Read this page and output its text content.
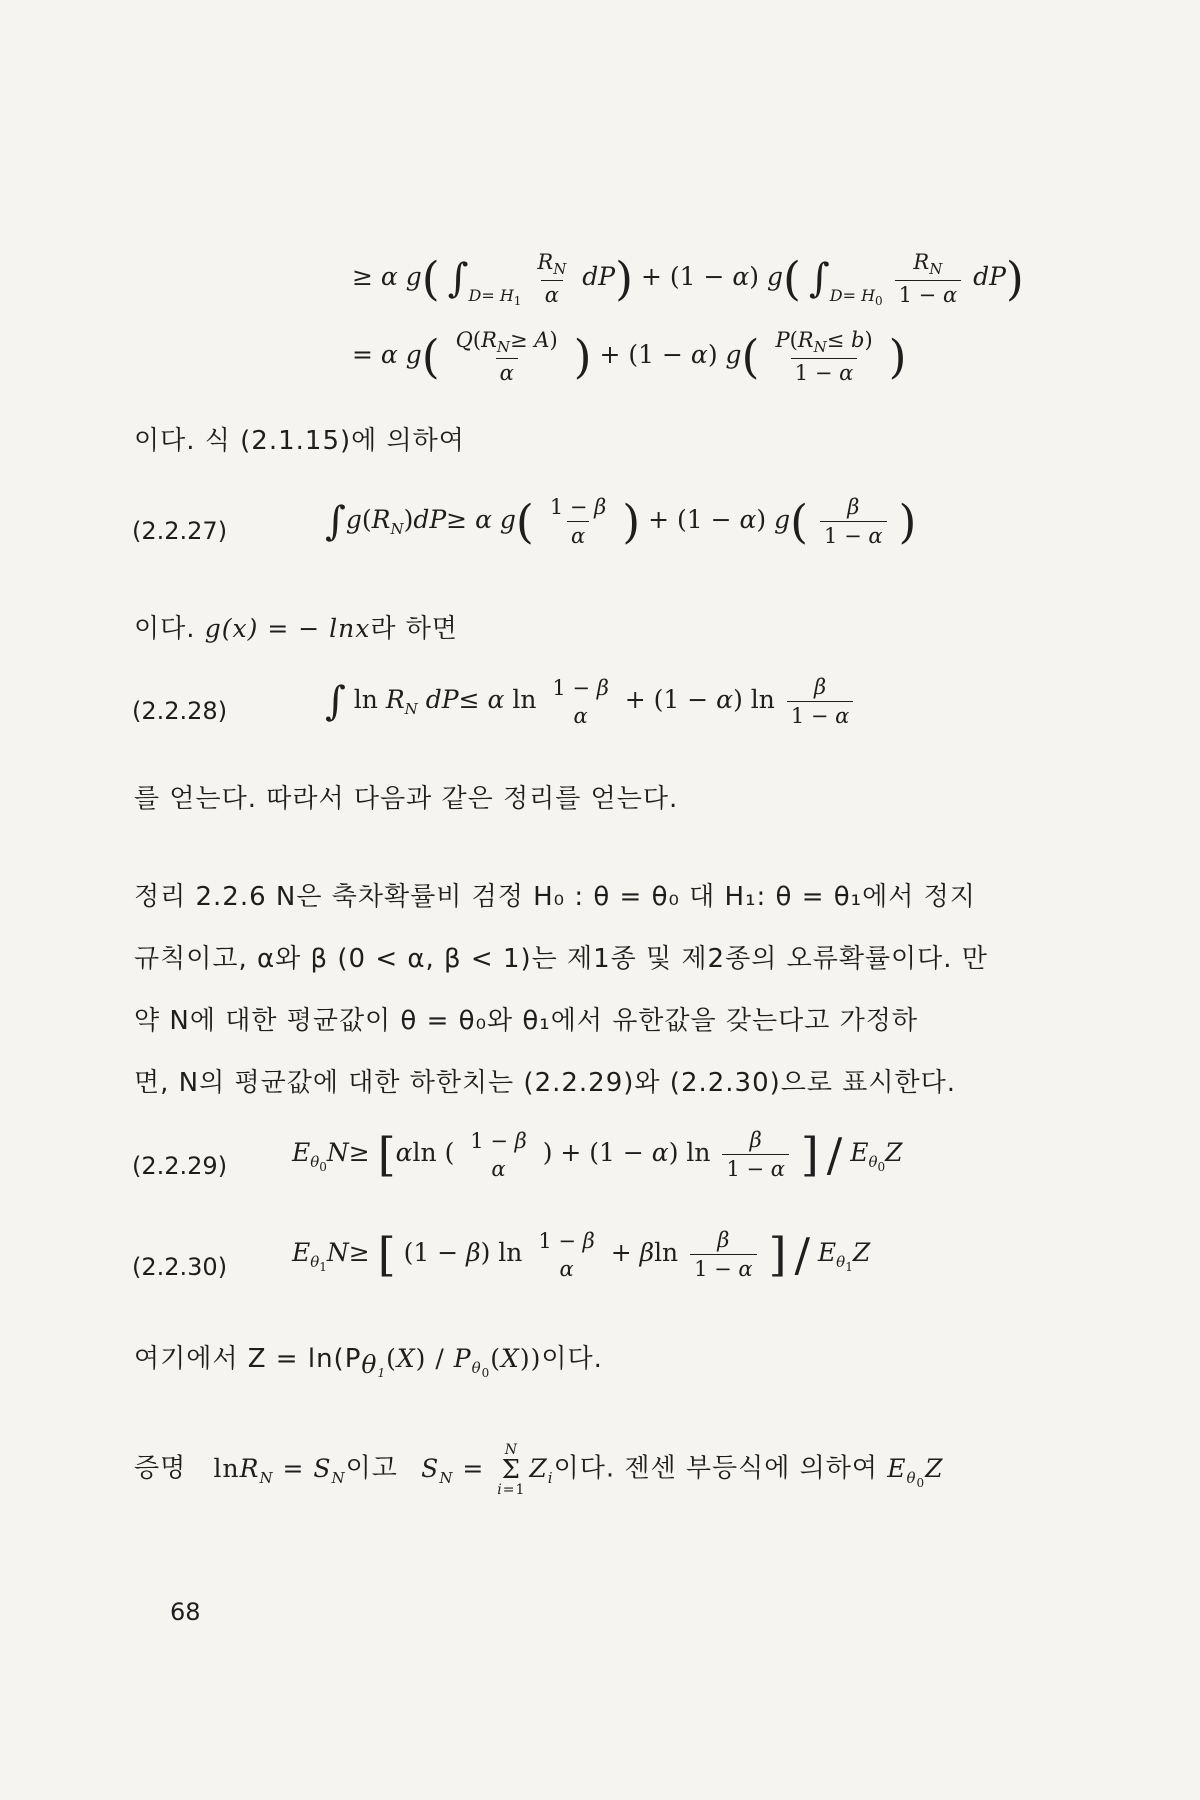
≥ α g( $\int_{D= H_1} \frac{R_N}{\alpha} dP) + (1 - \alpha)$ g( $\int_{D= H_0} \frac{R_N}{1 - \alpha} dP$)
= α $g( \frac{Q(R_N\ge A)}{\alpha}$ ) + (1 − α) $g( \frac{P(R_N\le b)}{1 - \alpha}$ )
이다. 식 (2.1.15)에 의하여
(2.2.27) $\int g(R_N)dP\ge \alpha$ $g( \frac{1 - \beta}{\alpha}$ ) + (1 − α) $g( \frac{\beta}{1 - \alpha}$ )
이다. g(x) = − lnx라 하면
(2.2.28) ∫ $\ln R_N$ dP≤ α ln 1 − β
α
+ (1 − α) $\ln \frac{\beta}{1 - \alpha}$
를 얻는다. 따라서 다음과 같은 정리를 얻는다.
정리 2.2.6 N은 축차확률비 검정 H₀ : θ = θ₀ 대 H₁: θ = θ₁에서 정지
규칙이고, α와 β (0 < α, β < 1)는 제1종 및 제2종의 오류확률이다. 만
약 N에 대한 평균값이 θ = θ₀와 θ₁에서 유한값을 갖는다고 가정하
면, N의 평균값에 대한 하한치는 (2.2.29)와 (2.2.30)으로 표시한다.
(2.2.29)	$E_{\theta_0}N\ge [\alpha\ln$ ( 1 − β
α
) + (1 − α) $\ln \frac{\beta}{1 - \alpha}$ ] / $E_{\theta_0}Z$
(2.2.30)	$E_{\theta_1}N\ge$ [ (1 − β) ln 1 − β
α
+ βln $\frac{\beta}{1 - \alpha}$ ] / $E_{\theta_1}Z$
여기에서 $Z = \ln(P_{\theta 1}(X) / P_{\theta_0}(X))$이다.
증명 $\ln R_N = S_N$이고 $S_N$ =
N
Σ
i=1
$Z_i$이다. 젠센 부등식에 의하여 $E_{\theta_0}Z$
68
